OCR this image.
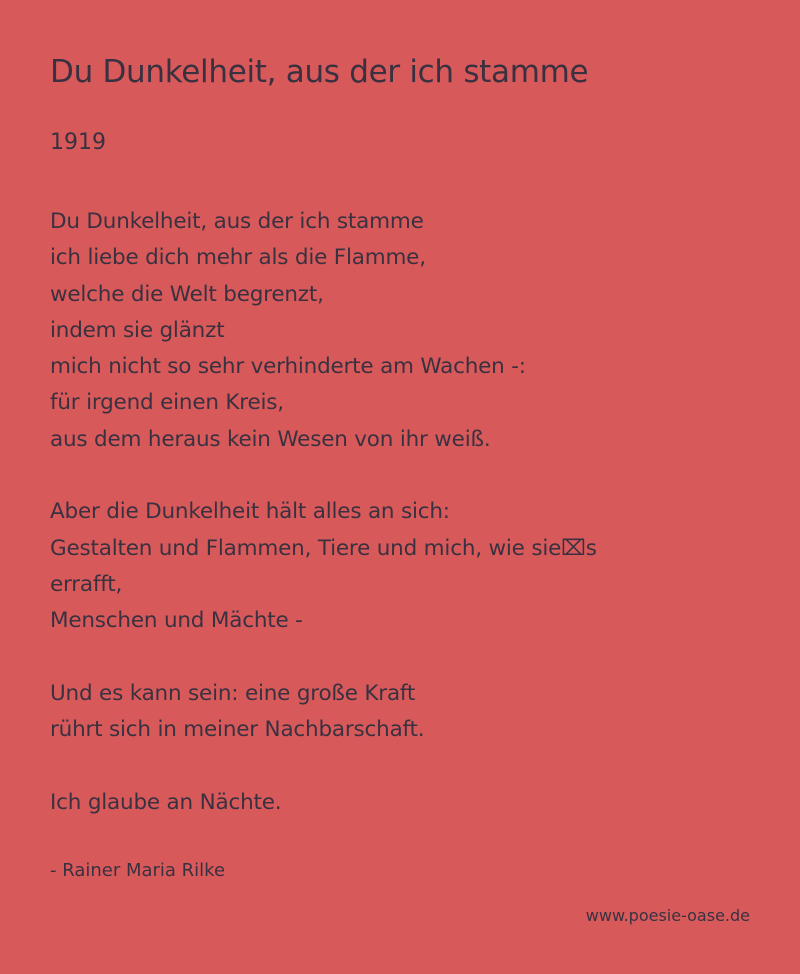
Du Dunkelheit, aus der ich stamme
1919
Du Dunkelheit, aus der ich stamme
ich liebe dich mehr als die Flamme,
welche die Welt begrenzt,
indem sie glänzt
mich nicht so sehr verhinderte am Wachen -:
für irgend einen Kreis,
aus dem heraus kein Wesen von ihr weiß.
Aber die Dunkelheit hält alles an sich:
Gestalten und Flammen, Tiere und mich, wie sie⌧s
errafft,
Menschen und Mächte -
Und es kann sein: eine große Kraft
rührt sich in meiner Nachbarschaft.
Ich glaube an Nächte.
- Rainer Maria Rilke
www.poesie-oase.de
